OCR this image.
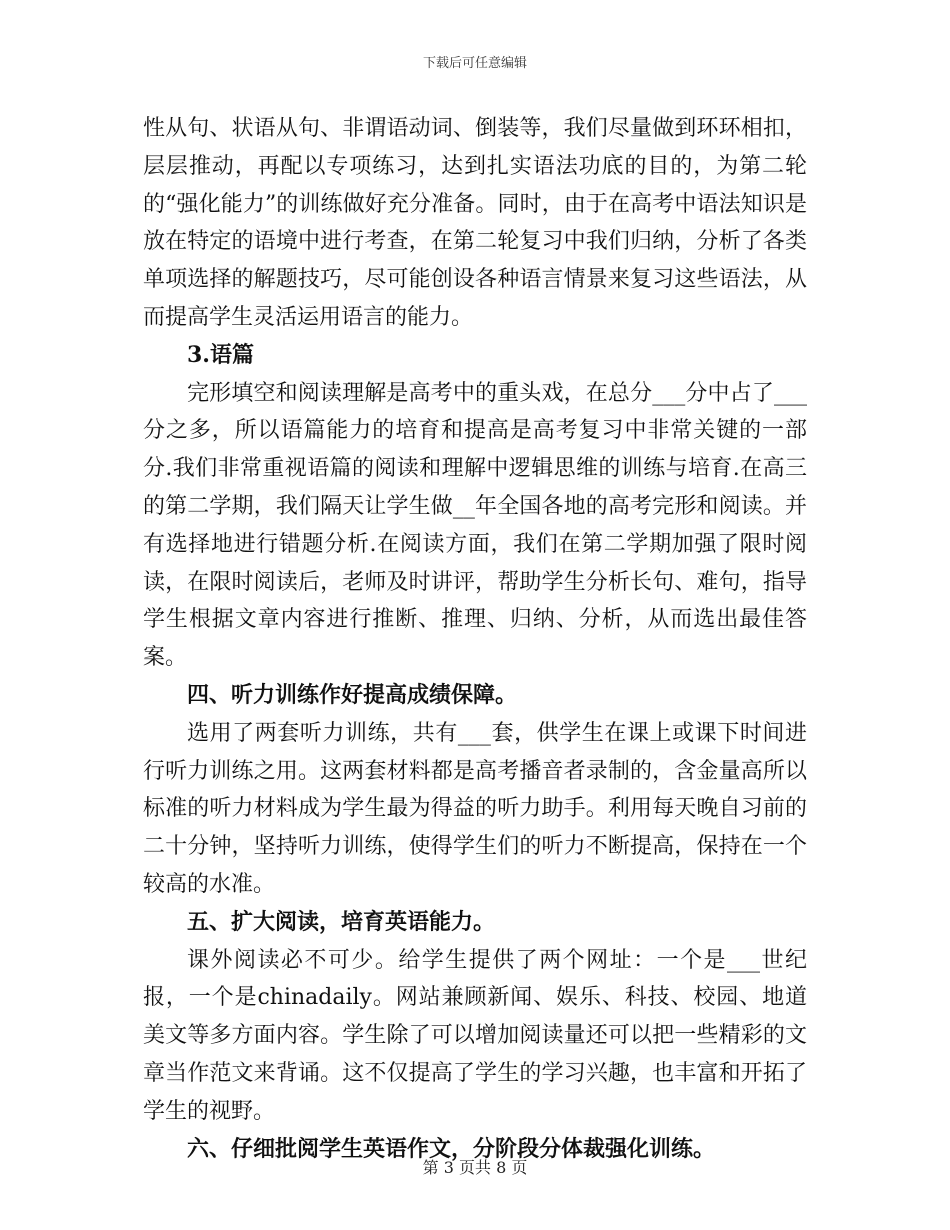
下载后可任意编辑

性从句、状语从句、非谓语动词、倒装等，我们尽量做到环环相扣，层层推动，再配以专项练习，达到扎实语法功底的目的，为第二轮的“强化能力”的训练做好充分准备。同时，由于在高考中语法知识是放在特定的语境中进行考查，在第二轮复习中我们归纳，分析了各类单项选择的解题技巧，尽可能创设各种语言情景来复习这些语法，从而提高学生灵活运用语言的能力。

3.语篇

完形填空和阅读理解是高考中的重头戏，在总分___分中占了___分之多，所以语篇能力的培育和提高是高考复习中非常关键的一部分.我们非常重视语篇的阅读和理解中逻辑思维的训练与培育.在高三的第二学期，我们隔天让学生做__年全国各地的高考完形和阅读。并有选择地进行错题分析.在阅读方面，我们在第二学期加强了限时阅读，在限时阅读后，老师及时讲评，帮助学生分析长句、难句，指导学生根据文章内容进行推断、推理、归纳、分析，从而选出最佳答案。

四、听力训练作好提高成绩保障。

选用了两套听力训练，共有___套，供学生在课上或课下时间进行听力训练之用。这两套材料都是高考播音者录制的，含金量高所以标准的听力材料成为学生最为得益的听力助手。利用每天晚自习前的二十分钟，坚持听力训练，使得学生们的听力不断提高，保持在一个较高的水准。

五、扩大阅读，培育英语能力。

课外阅读必不可少。给学生提供了两个网址：一个是___世纪报，一个是chinadaily。网站兼顾新闻、娱乐、科技、校园、地道美文等多方面内容。学生除了可以增加阅读量还可以把一些精彩的文章当作范文来背诵。这不仅提高了学生的学习兴趣，也丰富和开拓了学生的视野。

六、仔细批阅学生英语作文，分阶段分体裁强化训练。

第 3 页共 8 页
